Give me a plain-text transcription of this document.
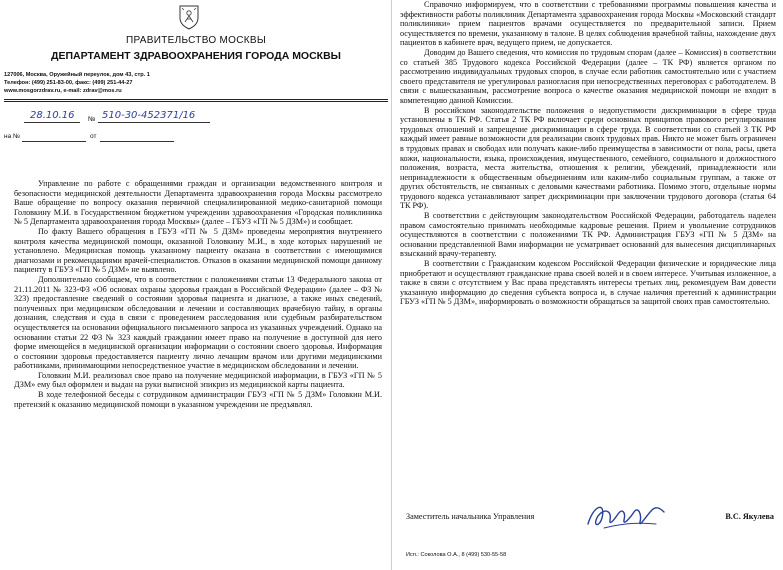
ПРАВИТЕЛЬСТВО МОСКВЫ
ДЕПАРТАМЕНТ ЗДРАВООХРАНЕНИЯ ГОРОДА МОСКВЫ
127006, Москва, Оружейный переулок, дом 43, стр. 1
Телефон: (499) 251-83-00, факс: (499) 251-44-27
www.mosgorzdrav.ru, e-mail: zdrav@mos.ru
28.10.16 № 510-30-452371/16
на №	от

Управление по работе с обращениями граждан и организации ведомственного контроля и безопасности медицинской деятельности Департамента здравоохранения города Москвы рассмотрело Ваше обращение по вопросу оказания первичной специализированной медико-санитарной помощи Головкину М.И. в Государственном бюджетном учреждении здравоохранения «Городская поликлиника № 5 Департамента здравоохранения города Москвы» (далее – ГБУЗ «ГП № 5 ДЗМ») и сообщает.

По факту Вашего обращения в ГБУЗ «ГП № 5 ДЗМ» проведены мероприятия внутреннего контроля качества медицинской помощи, оказанной Головкину М.И., в ходе которых нарушений не установлено. Медицинская помощь указанному пациенту оказана в соответствии с имеющимися диагнозами и рекомендациями врачей-специалистов. Отказов в оказании медицинской помощи данному пациенту в ГБУЗ «ГП № 5 ДЗМ» не выявлено.

Дополнительно сообщаем, что в соответствии с положениями статьи 13 Федерального закона от 21.11.2011 № 323-ФЗ «Об основах охраны здоровья граждан в Российской Федерации» (далее – ФЗ № 323) предоставление сведений о состоянии здоровья пациента и диагнозе, а также иных сведений, полученных при медицинском обследовании и лечении и составляющих врачебную тайну, в органы дознания, следствия и суда в связи с проведением расследования или судебным разбирательством осуществляется на основании официального письменного запроса из указанных учреждений. Однако на основании статьи 22 ФЗ № 323 каждый гражданин имеет право на получение в доступной для него форме имеющейся в медицинской организации информации о состоянии своего здоровья. Информация о состоянии здоровья предоставляется пациенту лично лечащим врачом или другими медицинскими работниками, принимающими непосредственное участие в медицинском обследовании и лечении.

Головкин М.И. реализовал свое право на получение медицинской информации, в ГБУЗ «ГП № 5 ДЗМ» ему был оформлен и выдан на руки выписной эпикриз из медицинской карты пациента.

В ходе телефонной беседы с сотрудником администрации ГБУЗ «ГП № 5 ДЗМ» Головкин М.И. претензий к оказанию медицинской помощи в указанном учреждении не предъявлял.

Справочно информируем, что в соответствии с требованиями программы повышения качества и эффективности работы поликлиник Департамента здравоохранения города Москвы «Московский стандарт поликлиники» прием пациентов врачами осуществляется по предварительной записи. Прием осуществляется по времени, указанному в талоне. В целях соблюдения врачебной тайны, нахождение двух пациентов в кабинете врач, ведущего прием, не допускается.

Доводим до Вашего сведения, что комиссия по трудовым спорам (далее – Комиссия) в соответствии со статьей 385 Трудового кодекса Российской Федерации (далее – ТК РФ) является органом по рассмотрению индивидуальных трудовых споров, в случае если работник самостоятельно или с участием своего представителя не урегулировал разногласия при непосредственных переговорах с работодателем. В связи с вышесказанным, рассмотрение вопроса о качестве оказания медицинской помощи не входит в компетенцию данной Комиссии.

В российском законодательстве положения о недопустимости дискриминации в сфере труда установлены в ТК РФ. Статья 2 ТК РФ включает среди основных принципов правового регулирования трудовых отношений и запрещение дискриминации в сфере труда. В соответствии со статьей 3 ТК РФ каждый имеет равные возможности для реализации своих трудовых прав. Никто не может быть ограничен в трудовых правах и свободах или получать какие-либо преимущества в зависимости от пола, расы, цвета кожи, национальности, языка, происхождения, имущественного, семейного, социального и должностного положения, возраста, места жительства, отношения к религии, убеждений, принадлежности или непринадлежности к общественным объединениям или каким-либо социальным группам, а также от других обстоятельств, не связанных с деловыми качествами работника. Помимо этого, отдельные нормы трудового кодекса устанавливают запрет дискриминации при заключении трудового договора (статья 64 ТК РФ).

В соответствии с действующим законодательством Российской Федерации, работодатель наделен правом самостоятельно принимать необходимые кадровые решения. Прием и увольнение сотрудников осуществляются в соответствии с положениями ТК РФ. Администрация ГБУЗ «ГП № 5 ДЗМ» на основании представленной Вами информации не усматривает оснований для вынесения дисциплинарных взысканий врачу-терапевту.

В соответствии с Гражданским кодексом Российской Федерации физические и юридические лица приобретают и осуществляют гражданские права своей волей и в своем интересе. Учитывая изложенное, а также в связи с отсутствием у Вас права представлять интересы третьих лиц, рекомендуем Вам довести указанную информацию до сведения субъекта вопроса и, в случае наличия претензий к администрации ГБУЗ «ГП № 5 ДЗМ», информировать о возможности обращаться за защитой своих прав самостоятельно.

Заместитель начальника Управления	В.С. Якулева
Исп.: Соколова О.А., 8 (499) 530-55-58
